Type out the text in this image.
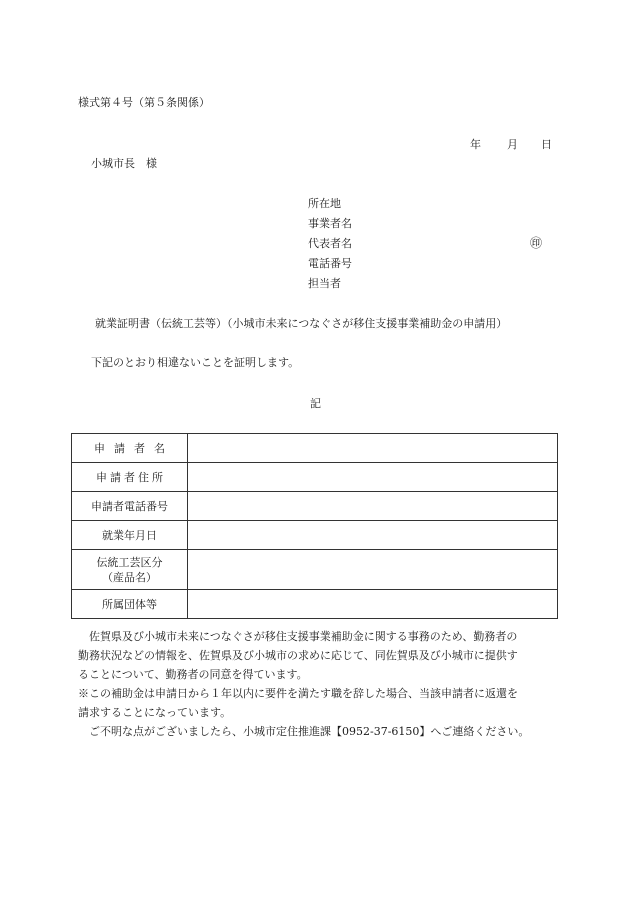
様式第４号（第５条関係）
年 月 日
小城市長　様
所在地
事業者名
代表者名
電話番号
担当者
㊞
就業証明書（伝統工芸等）（小城市未来につなぐさが移住支援事業補助金の申請用）
下記のとおり相違ないことを証明します。
記
申請者名	
申請者住所	
申請者電話番号	
就業年月日	
伝統工芸区分
（産品名）	

所属団体等	

　佐賀県及び小城市未来につなぐさが移住支援事業補助金に関する事務のため、勤務者の

勤務状況などの情報を、佐賀県及び小城市の求めに応じて、同佐賀県及び小城市に提供す

ることについて、勤務者の同意を得ています。

※この補助金は申請日から１年以内に要件を満たす職を辞した場合、当該申請者に返還を

請求することになっています。

　ご不明な点がございましたら、小城市定住推進課【0952-37-6150】へご連絡ください。
